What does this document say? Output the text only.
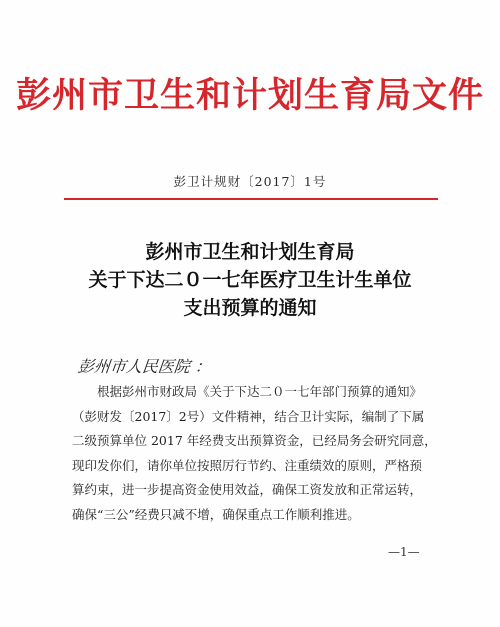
彭州市卫生和计划生育局文件
彭卫计规财〔2017〕1号
彭州市卫生和计划生育局
关于下达二０一七年医疗卫生计生单位
支出预算的通知
彭州市人民医院 ：
根据彭州市财政局《关于下达二０一七年部门预算的通知》
（彭财发〔2017〕2号）文件精神，结合卫计实际，编制了下属
二级预算单位 2017 年经费支出预算资金，已经局务会研究同意，
现印发你们，请你单位按照厉行节约、注重绩效的原则，严格预
算约束，进一步提高资金使用效益，确保工资发放和正常运转，
确保“三公”经费只减不增，确保重点工作顺利推进。
—1—
